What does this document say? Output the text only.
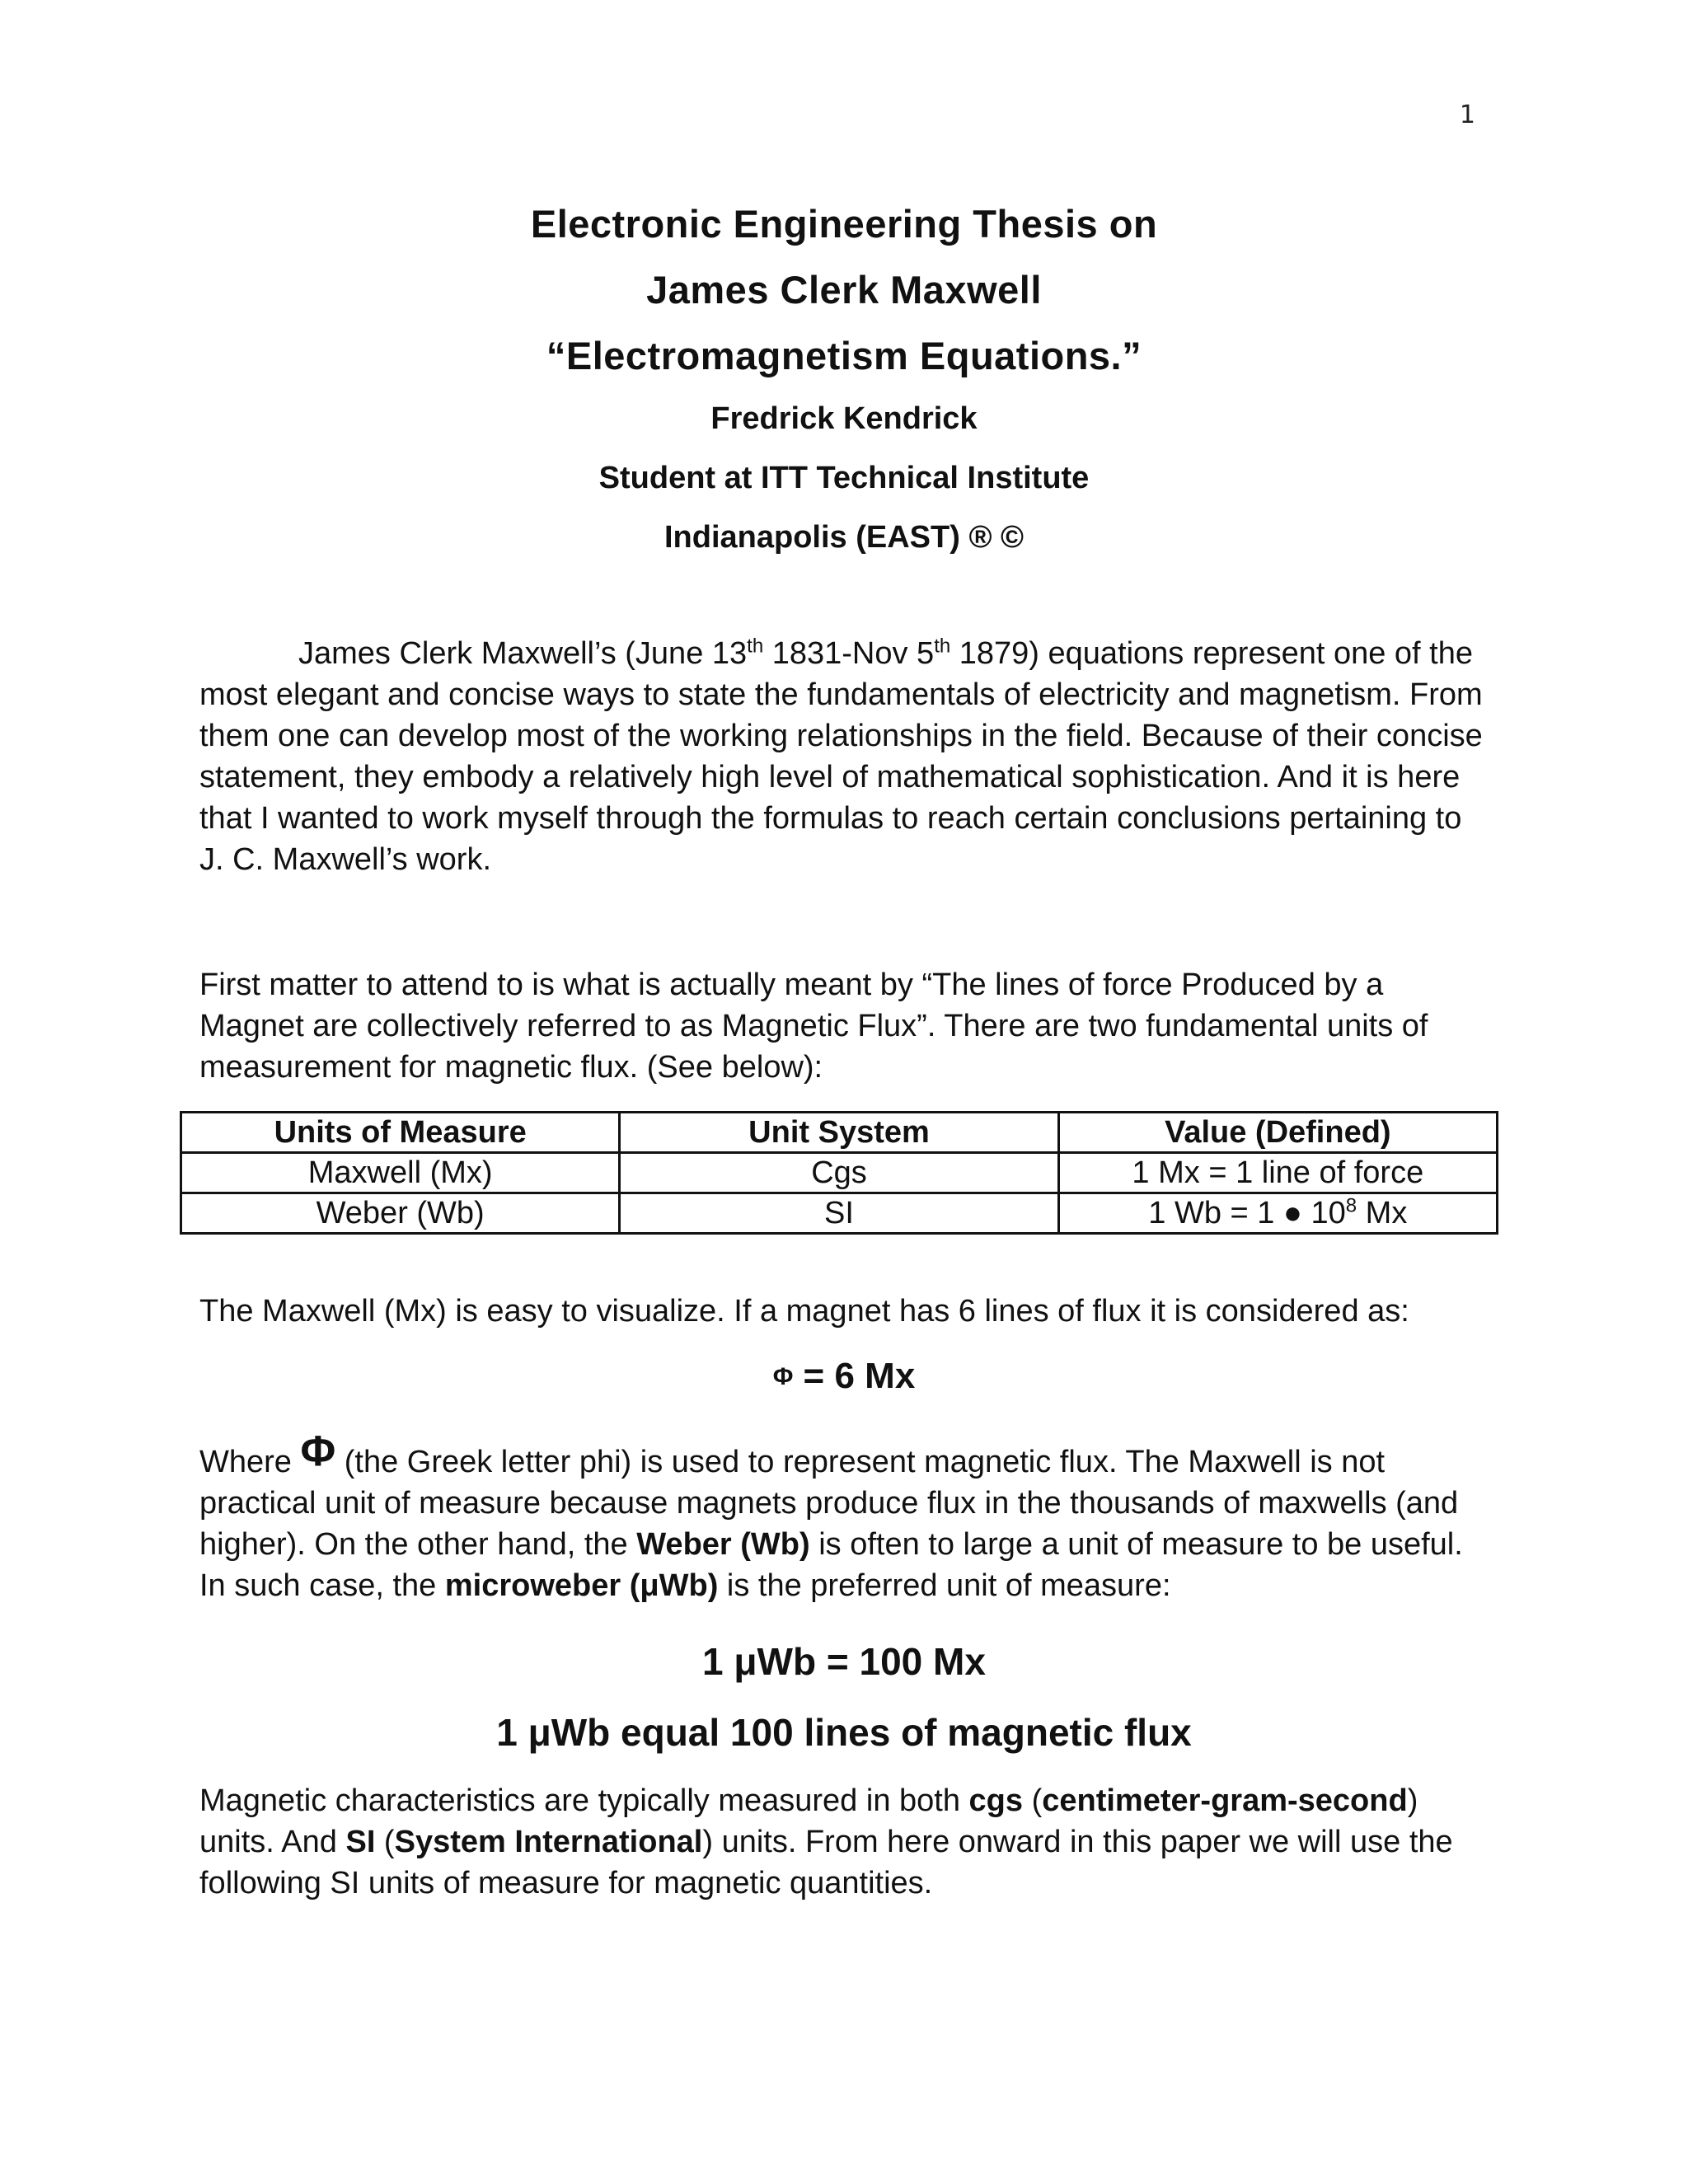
1
Electronic Engineering Thesis on
James Clerk Maxwell
“Electromagnetism Equations.”
Fredrick Kendrick
Student at ITT Technical Institute
Indianapolis (EAST) ® ©

James Clerk Maxwell’s (June 13th 1831-Nov 5th 1879) equations represent one of the most elegant and concise ways to state the fundamentals of electricity and magnetism. From them one can develop most of the working relationships in the field. Because of their concise statement, they embody a relatively high level of mathematical sophistication. And it is here that I wanted to work myself through the formulas to reach certain conclusions pertaining to J. C. Maxwell’s work.

First matter to attend to is what is actually meant by “The lines of force Produced by a Magnet are collectively referred to as Magnetic Flux”. There are two fundamental units of measurement for magnetic flux. (See below):

Units of Measure	Unit System	Value (Defined)
Maxwell (Mx)	Cgs	1 Mx = 1 line of force
Weber (Wb)	SI	1 Wb = 1 ● $10^8$ Mx

The Maxwell (Mx) is easy to visualize. If a magnet has 6 lines of flux it is considered as:

Φ = 6 Mx

Where Φ (the Greek letter phi) is used to represent magnetic flux. The Maxwell is not practical unit of measure because magnets produce flux in the thousands of maxwells (and higher). On the other hand, the Weber (Wb) is often to large a unit of measure to be useful. In such case, the microweber (μWb) is the preferred unit of measure:

1 μWb = 100 Mx
1 μWb equal 100 lines of magnetic flux

Magnetic characteristics are typically measured in both cgs (centimeter-gram-second) units. And SI (System International) units. From here onward in this paper we will use the following SI units of measure for magnetic quantities.
